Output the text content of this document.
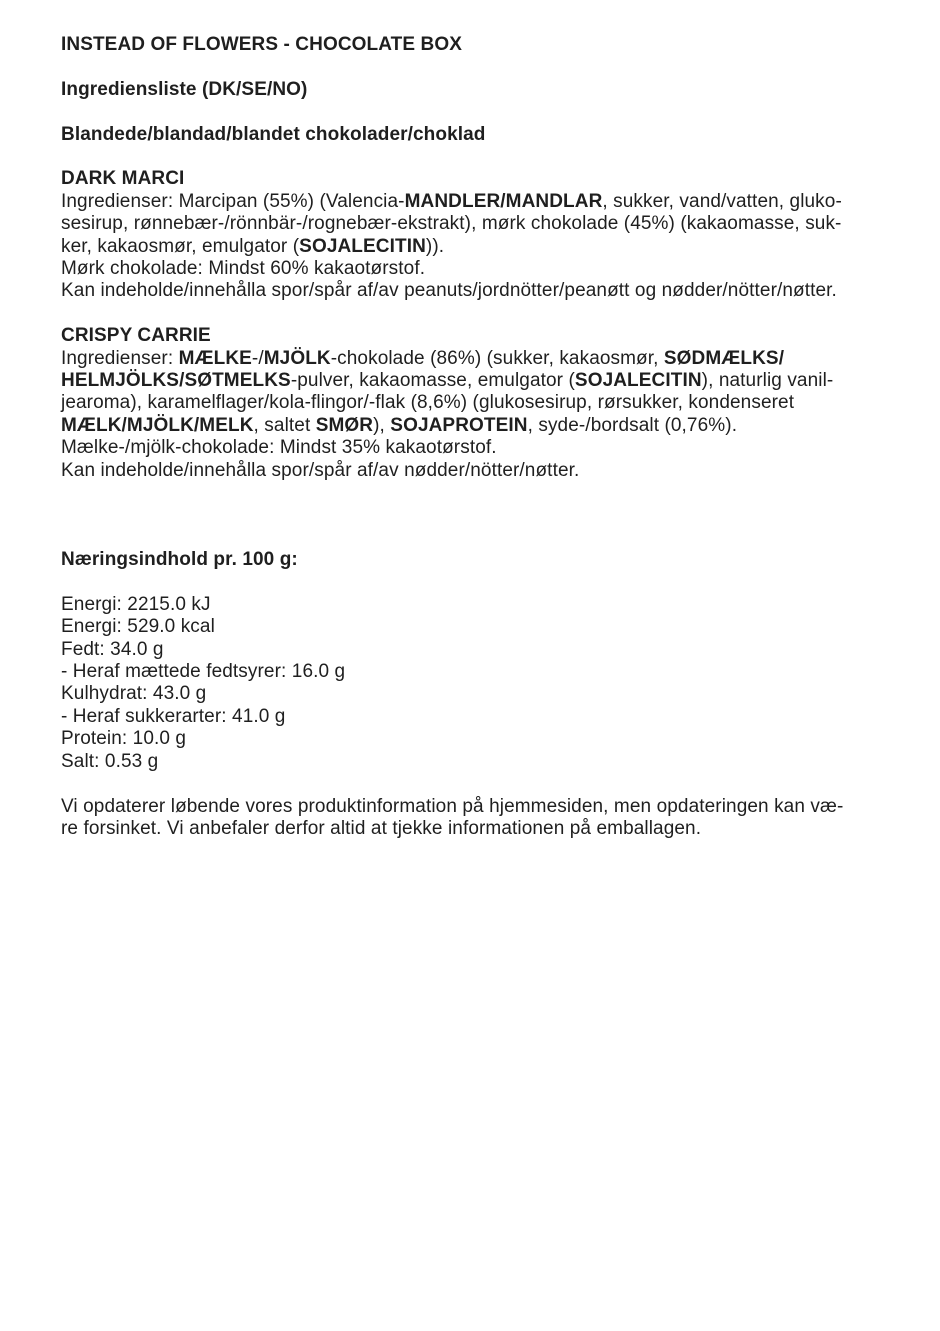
INSTEAD OF FLOWERS - CHOCOLATE BOX
Ingrediensliste (DK/SE/NO)
Blandede/blandad/blandet chokolader/choklad
DARK MARCI
Ingredienser: Marcipan (55%) (Valencia-MANDLER/MANDLAR, sukker, vand/vatten, gluko-
sesirup, rønnebær-/rönnbär-/rognebær-ekstrakt), mørk chokolade (45%) (kakaomasse, suk-
ker, kakaosmør, emulgator (SOJALECITIN)).
Mørk chokolade: Mindst 60% kakaotørstof.
Kan indeholde/innehålla spor/spår af/av peanuts/jordnötter/peanøtt og nødder/nötter/nøtter.
CRISPY CARRIE
Ingredienser: MÆLKE-/MJÖLK-chokolade (86%) (sukker, kakaosmør, SØDMÆLKS/
HELMJÖLKS/SØTMELKS-pulver, kakaomasse, emulgator (SOJALECITIN), naturlig vanil-
jearoma), karamelflager/kola-flingor/-flak (8,6%) (glukosesirup, rørsukker, kondenseret
MÆLK/MJÖLK/MELK, saltet SMØR), SOJAPROTEIN, syde-/bordsalt (0,76%).
Mælke-/mjölk-chokolade: Mindst 35% kakaotørstof.
Kan indeholde/innehålla spor/spår af/av nødder/nötter/nøtter.
Næringsindhold pr. 100 g:
Energi: 2215.0 kJ
Energi: 529.0 kcal
Fedt: 34.0 g
- Heraf mættede fedtsyrer: 16.0 g
Kulhydrat: 43.0 g
- Heraf sukkerarter: 41.0 g
Protein: 10.0 g
Salt: 0.53 g
Vi opdaterer løbende vores produktinformation på hjemmesiden, men opdateringen kan væ-
re forsinket. Vi anbefaler derfor altid at tjekke informationen på emballagen.
